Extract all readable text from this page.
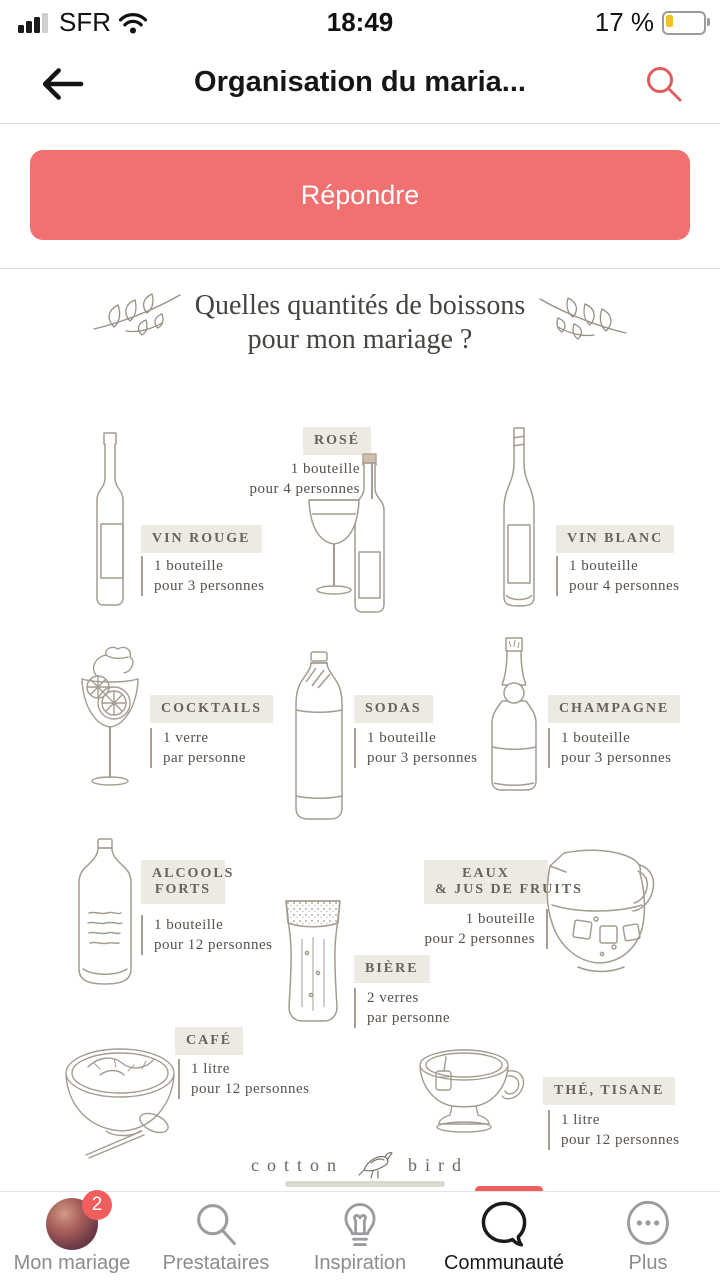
SFR	18:49	17 %
Organisation du maria...
Répondre
Quelles quantités de boissons
pour mon mariage ?
VIN ROUGE
1 bouteille
pour 3 personnes
ROSÉ
1 bouteille
pour 4 personnes
VIN BLANC
1 bouteille
pour 4 personnes
COCKTAILS
1 verre
par personne
SODAS
1 bouteille
pour 3 personnes
CHAMPAGNE
1 bouteille
pour 3 personnes
ALCOOLS
FORTS
1 bouteille
pour 12 personnes
EAUX
& JUS DE FRUITS
1 bouteille
pour 2 personnes
BIÈRE
2 verres
par personne
CAFÉ
1 litre
pour 12 personnes	THÉ, TISANE
1 litre
pour 12 personnes
cotton	bird
2
Mon mariage Prestataires Inspiration Communauté	Plus
